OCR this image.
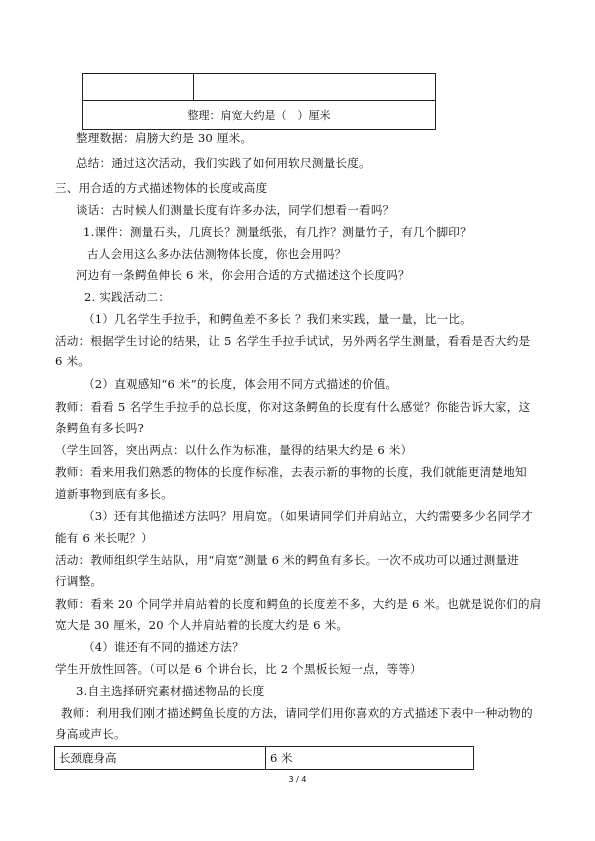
整理：肩宽大约是（　）厘米
整理数据：肩膀大约是 30 厘米。
总结：通过这次活动，我们实践了如何用软尺测量长度。
三、用合适的方式描述物体的长度或高度
谈话：古时候人们测量长度有许多办法，同学们想看一看吗？
1.课件：测量石头，几庹长？测量纸张，有几拃？测量竹子，有几个脚印？
古人会用这么多办法估测物体长度，你也会用吗？
河边有一条鳄鱼伸长 6 米，你会用合适的方式描述这个长度吗？
2. 实践活动二：
（1）几名学生手拉手，和鳄鱼差不多长 ？我们来实践，量一量，比一比。
活动：根据学生讨论的结果，让 5 名学生手拉手试试，另外两名学生测量，看看是否大约是
6 米。
（2）直观感知“6 米”的长度，体会用不同方式描述的价值。
教师：看看 5 名学生手拉手的总长度，你对这条鳄鱼的长度有什么感觉？你能告诉大家，这
条鳄鱼有多长吗?
（学生回答，突出两点：以什么作为标准，量得的结果大约是 6 米）
教师：看来用我们熟悉的物体的长度作标准，去表示新的事物的长度，我们就能更清楚地知
道新事物到底有多长。
（3）还有其他描述方法吗？用肩宽。（如果请同学们并肩站立，大约需要多少名同学才
能有 6 米长呢？）
活动：教师组织学生站队，用“肩宽”测量 6 米的鳄鱼有多长。一次不成功可以通过测量进
行调整。
教师：看来 20 个同学并肩站着的长度和鳄鱼的长度差不多，大约是 6 米。也就是说你们的肩
宽大是 30 厘米，20 个人并肩站着的长度大约是 6 米。
（4）谁还有不同的描述方法？
学生开放性回答。（可以是 6 个讲台长，比 2 个黑板长短一点，等等）
3.自主选择研究素材描述物品的长度
教师：利用我们刚才描述鳄鱼长度的方法，请同学们用你喜欢的方式描述下表中一种动物的
身高或声长。
长颈鹿身高	6 米
3 / 4
